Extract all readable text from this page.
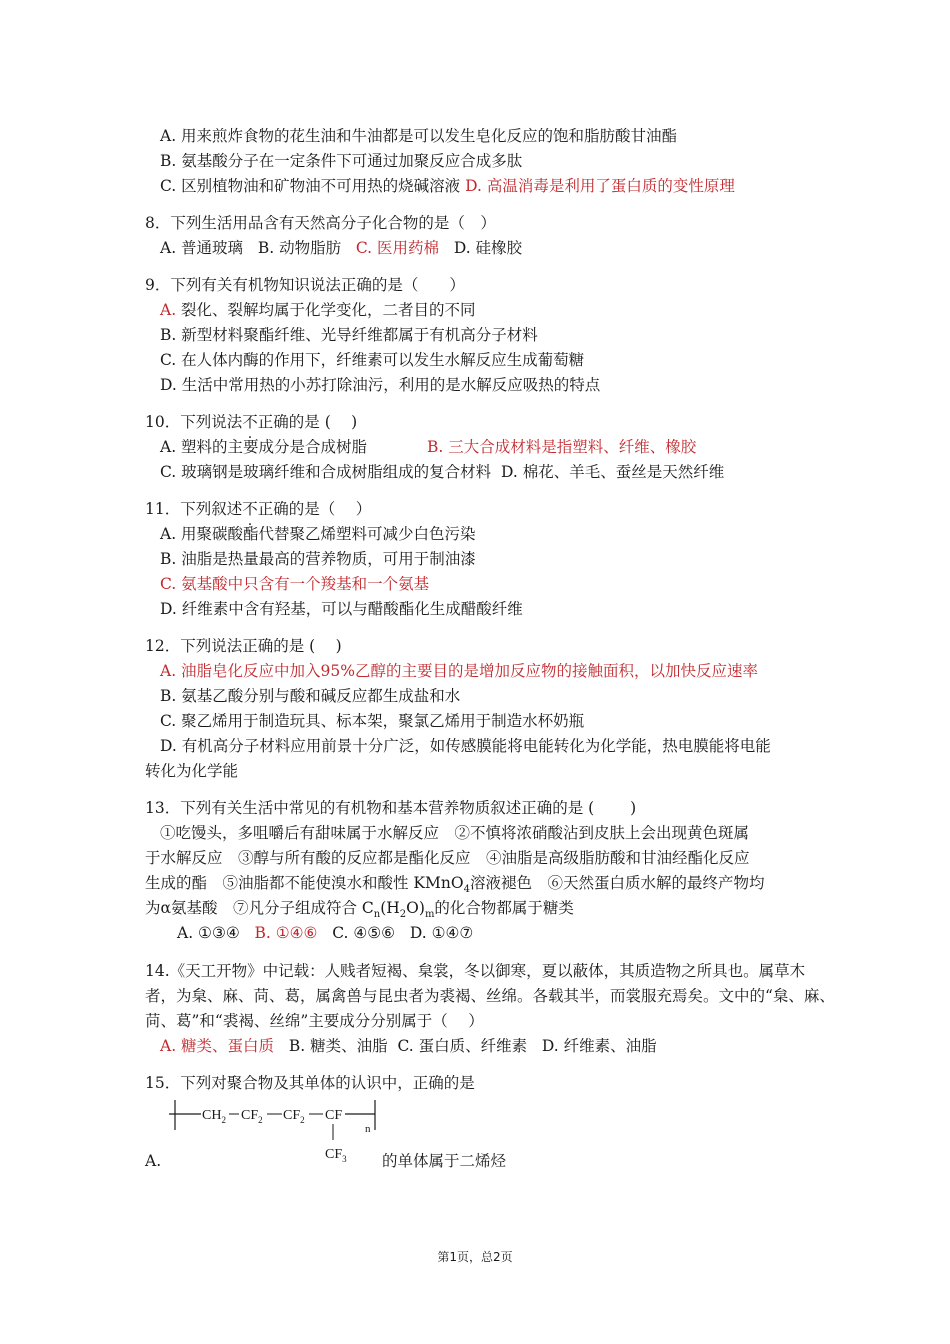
A. 用来煎炸食物的花生油和牛油都是可以发生皂化反应的饱和脂肪酸甘油酯
B. 氨基酸分子在一定条件下可通过加聚反应合成多肽
C. 区别植物油和矿物油不可用热的烧碱溶液 D. 高温消毒是利用了蛋白质的变性原理
8．下列生活用品含有天然高分子化合物的是（　）
A. 普通玻璃 B. 动物脂肪 C. 医用药棉 D. 硅橡胶
9．下列有关有机物知识说法正确的是（　　）
A. 裂化、裂解均属于化学变化，二者目的不同
B. 新型材料聚酯纤维、光导纤维都属于有机高分子材料
C. 在人体内酶的作用下，纤维素可以发生水解反应生成葡萄糖
D. 生活中常用热的小苏打除油污，利用的是水解反应吸热的特点
10．下列说法不正确的是 (　 )
A. 塑料的主要成分是合成树脂	B. 三大合成材料是指塑料、纤维、橡胶
C. 玻璃钢是玻璃纤维和合成树脂组成的复合材料 D. 棉花、羊毛、蚕丝是天然纤维
11．下列叙述不正确的是（　 ）
A. 用聚碳酸酯代替聚乙烯塑料可减少白色污染
B. 油脂是热量最高的营养物质，可用于制油漆
C. 氨基酸中只含有一个羧基和一个氨基
D. 纤维素中含有羟基，可以与醋酸酯化生成醋酸纤维
12．下列说法正确的是 (　 )
A. 油脂皂化反应中加入95%乙醇的主要目的是增加反应物的接触面积，以加快反应速率
B. 氨基乙酸分别与酸和碱反应都生成盐和水
C. 聚乙烯用于制造玩具、标本架，聚氯乙烯用于制造水杯奶瓶
D. 有机高分子材料应用前景十分广泛，如传感膜能将电能转化为化学能，热电膜能将电能
转化为化学能
13．下列有关生活中常见的有机物和基本营养物质叙述正确的是 (　　 )
①吃馒头，多咀嚼后有甜味属于水解反应　②不慎将浓硝酸沾到皮肤上会出现黄色斑属
于水解反应　③醇与所有酸的反应都是酯化反应　④油脂是高级脂肪酸和甘油经酯化反应
生成的酯　⑤油脂都不能使溴水和酸性 KMnO$_4$溶液褪色　⑥天然蛋白质水解的最终产物均
为α氨基酸　⑦凡分子组成符合 $C_n(H_2O)_m$的化合物都属于糖类
A. ①③④ B. ①④⑥ C. ④⑤⑥ D. ①④⑦
14.《天工开物》中记载：人贱者短褐、枲裳，冬以御寒，夏以蔽体，其质造物之所具也。属草木
者，为枲、麻、苘、葛，属禽兽与昆虫者为裘褐、丝绵。各载其半，而裳服充焉矣。文中的“枲、麻、
苘、葛”和“裘褐、丝绵”主要成分分别属于（　 ）
A. 糖类、蛋白质 B. 糖类、油脂 C. 蛋白质、纤维素 D. 纤维素、油脂
15．下列对聚合物及其单体的认识中，正确的是
$CH_2$ $CF_2$ $CF_2$ CF
n
$CF_3$
A.	的单体属于二烯烃
第1页，总2页
